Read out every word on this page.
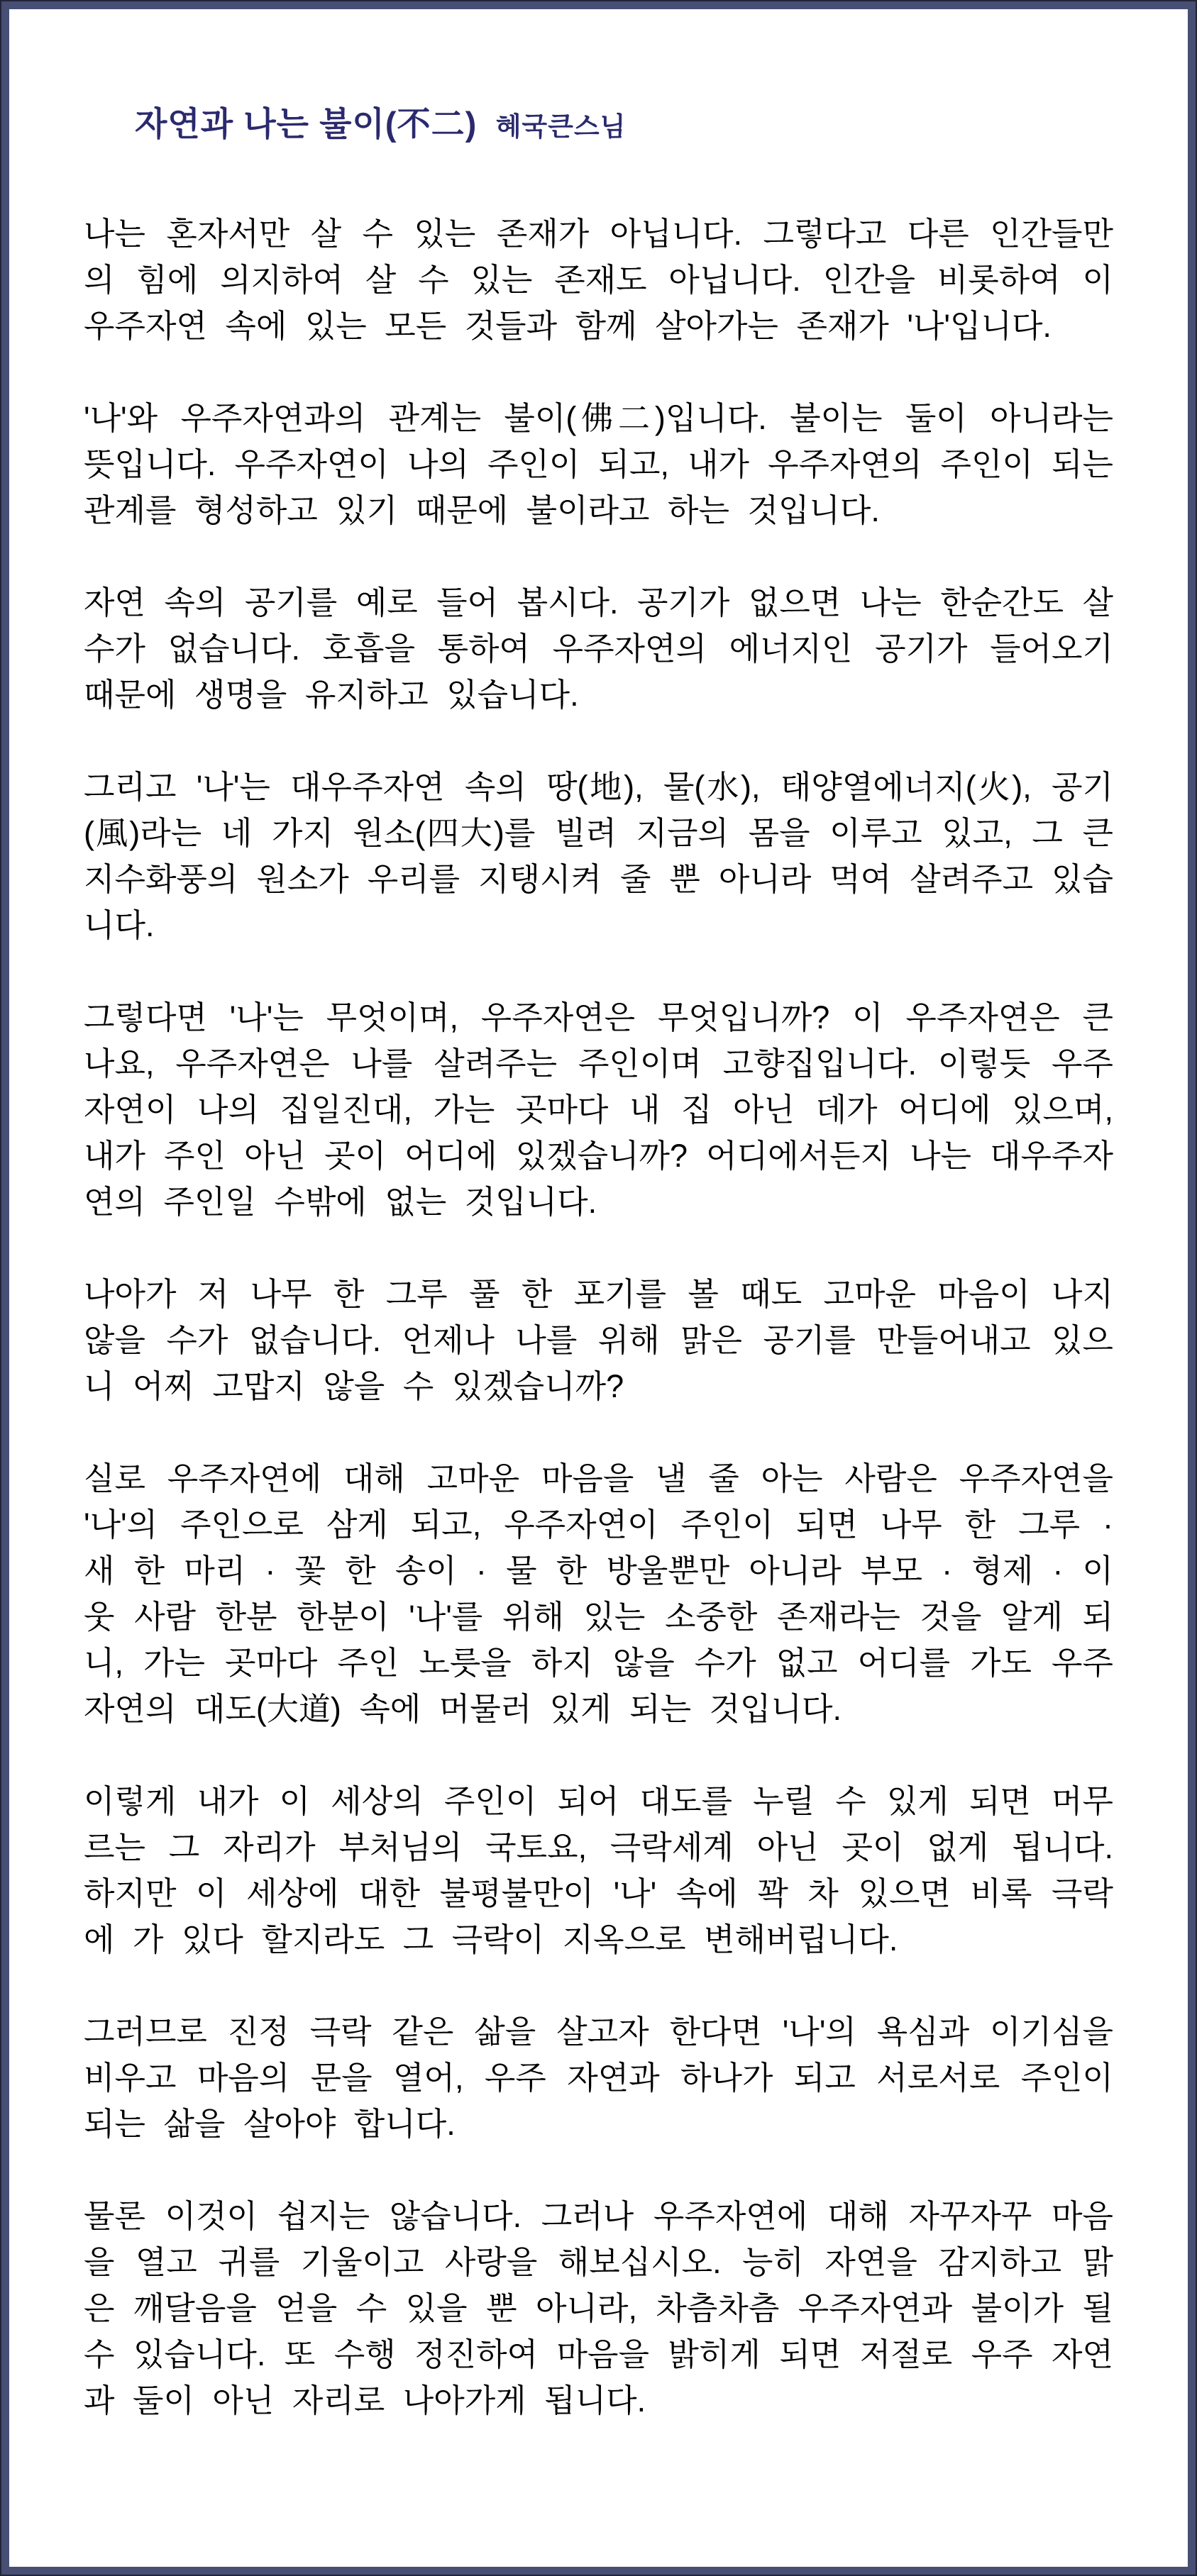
자연과 나는 불이(不二) 혜국큰스님

나는 혼자서만 살 수 있는 존재가 아닙니다. 그렇다고 다른 인간들만의 힘에 의지하여 살 수 있는 존재도 아닙니다. 인간을 비롯하여 이 우주자연 속에 있는 모든 것들과 함께 살아가는 존재가 '나'입니다.

'나'와 우주자연과의 관계는 불이(佛二)입니다. 불이는 둘이 아니라는 뜻입니다. 우주자연이 나의 주인이 되고, 내가 우주자연의 주인이 되는 관계를 형성하고 있기 때문에 불이라고 하는 것입니다.

자연 속의 공기를 예로 들어 봅시다. 공기가 없으면 나는 한순간도 살 수가 없습니다. 호흡을 통하여 우주자연의 에너지인 공기가 들어오기 때문에 생명을 유지하고 있습니다.

그리고 '나'는 대우주자연 속의 땅(地), 물(水), 태양열에너지(火), 공기(風)라는 네 가지 원소(四大)를 빌려 지금의 몸을 이루고 있고, 그 큰 지수화풍의 원소가 우리를 지탱시켜 줄 뿐 아니라 먹여 살려주고 있습니다.

그렇다면 '나'는 무엇이며, 우주자연은 무엇입니까? 이 우주자연은 큰 나요, 우주자연은 나를 살려주는 주인이며 고향집입니다. 이렇듯 우주자연이 나의 집일진대, 가는 곳마다 내 집 아닌 데가 어디에 있으며, 내가 주인 아닌 곳이 어디에 있겠습니까? 어디에서든지 나는 대우주자연의 주인일 수밖에 없는 것입니다.

나아가 저 나무 한 그루 풀 한 포기를 볼 때도 고마운 마음이 나지 않을 수가 없습니다. 언제나 나를 위해 맑은 공기를 만들어내고 있으니 어찌 고맙지 않을 수 있겠습니까?

실로 우주자연에 대해 고마운 마음을 낼 줄 아는 사람은 우주자연을 '나'의 주인으로 삼게 되고, 우주자연이 주인이 되면 나무 한 그루 · 새 한 마리 · 꽃 한 송이 · 물 한 방울뿐만 아니라 부모 · 형제 · 이웃 사람 한분 한분이 '나'를 위해 있는 소중한 존재라는 것을 알게 되니, 가는 곳마다 주인 노릇을 하지 않을 수가 없고 어디를 가도 우주 자연의 대도(大道) 속에 머물러 있게 되는 것입니다.

이렇게 내가 이 세상의 주인이 되어 대도를 누릴 수 있게 되면 머무르는 그 자리가 부처님의 국토요, 극락세계 아닌 곳이 없게 됩니다. 하지만 이 세상에 대한 불평불만이 '나' 속에 꽉 차 있으면 비록 극락에 가 있다 할지라도 그 극락이 지옥으로 변해버립니다.

그러므로 진정 극락 같은 삶을 살고자 한다면 '나'의 욕심과 이기심을 비우고 마음의 문을 열어, 우주 자연과 하나가 되고 서로서로 주인이 되는 삶을 살아야 합니다.

물론 이것이 쉽지는 않습니다. 그러나 우주자연에 대해 자꾸자꾸 마음을 열고 귀를 기울이고 사랑을 해보십시오. 능히 자연을 감지하고 맑은 깨달음을 얻을 수 있을 뿐 아니라, 차츰차츰 우주자연과 불이가 될 수 있습니다. 또 수행 정진하여 마음을 밝히게 되면 저절로 우주 자연과 둘이 아닌 자리로 나아가게 됩니다.
